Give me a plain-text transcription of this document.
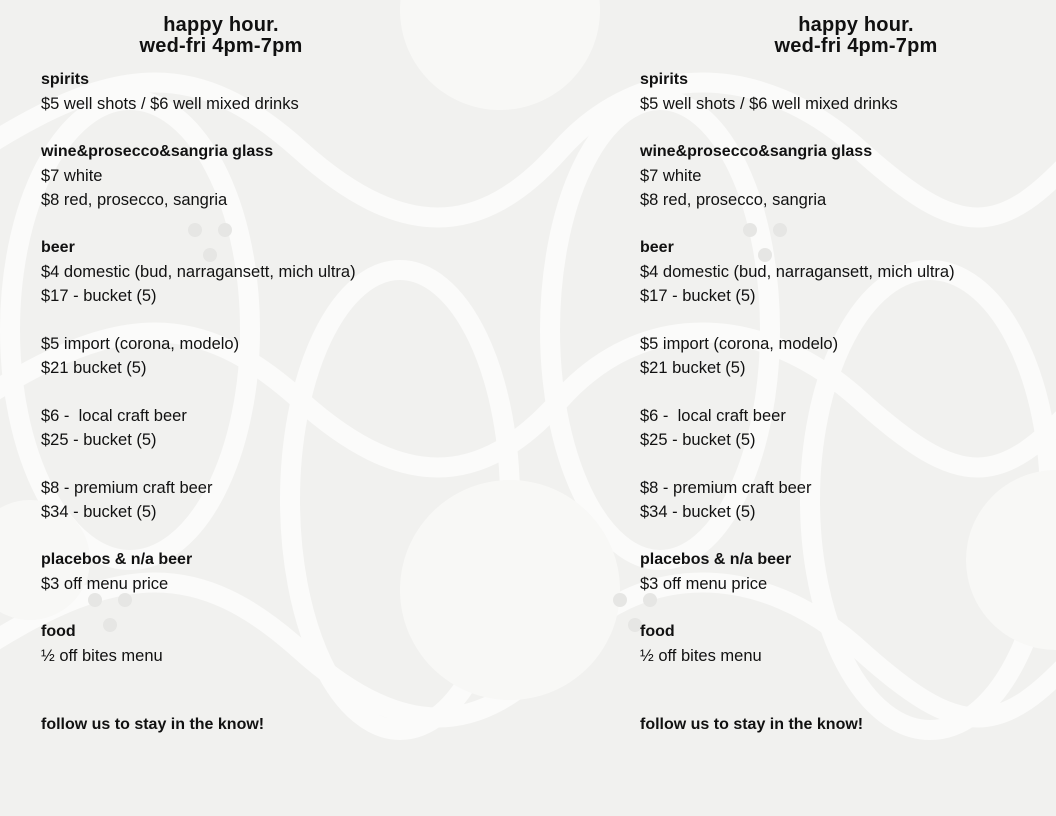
happy hour.
wed-fri 4pm-7pm
spirits
$5 well shots / $6 well mixed drinks
wine&prosecco&sangria glass
$7 white
$8 red, prosecco, sangria
beer
$4 domestic (bud, narragansett, mich ultra)
$17 - bucket (5)
$5 import (corona, modelo)
$21 bucket (5)
$6 -  local craft beer
$25 - bucket (5)
$8 - premium craft beer
$34 - bucket (5)
placebos & n/a beer
$3 off menu price
food
½ off bites menu
follow us to stay in the know!
happy hour.
wed-fri 4pm-7pm
spirits
$5 well shots / $6 well mixed drinks
wine&prosecco&sangria glass
$7 white
$8 red, prosecco, sangria
beer
$4 domestic (bud, narragansett, mich ultra)
$17 - bucket (5)
$5 import (corona, modelo)
$21 bucket (5)
$6 -  local craft beer
$25 - bucket (5)
$8 - premium craft beer
$34 - bucket (5)
placebos & n/a beer
$3 off menu price
food
½ off bites menu
follow us to stay in the know!
